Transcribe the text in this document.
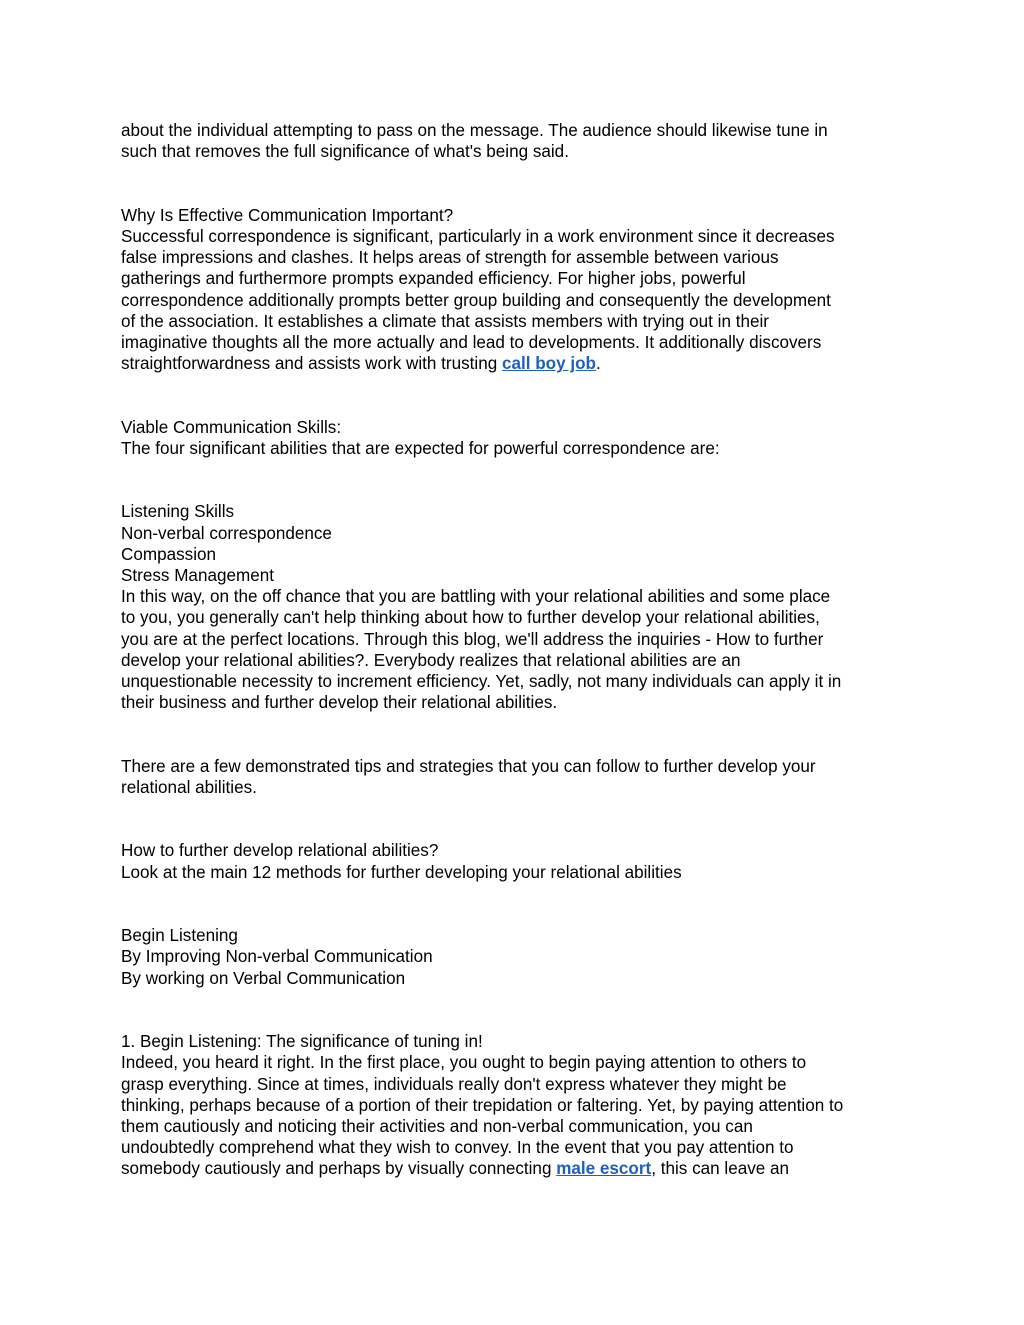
about the individual attempting to pass on the message. The audience should likewise tune in
such that removes the full significance of what's being said.
Why Is Effective Communication Important?
Successful correspondence is significant, particularly in a work environment since it decreases
false impressions and clashes. It helps areas of strength for assemble between various
gatherings and furthermore prompts expanded efficiency. For higher jobs, powerful
correspondence additionally prompts better group building and consequently the development
of the association. It establishes a climate that assists members with trying out in their
imaginative thoughts all the more actually and lead to developments. It additionally discovers
straightforwardness and assists work with trusting call boy job.
Viable Communication Skills:
The four significant abilities that are expected for powerful correspondence are:
Listening Skills
Non-verbal correspondence
Compassion
Stress Management
In this way, on the off chance that you are battling with your relational abilities and some place
to you, you generally can't help thinking about how to further develop your relational abilities,
you are at the perfect locations. Through this blog, we'll address the inquiries - How to further
develop your relational abilities?. Everybody realizes that relational abilities are an
unquestionable necessity to increment efficiency. Yet, sadly, not many individuals can apply it in
their business and further develop their relational abilities.
There are a few demonstrated tips and strategies that you can follow to further develop your
relational abilities.
How to further develop relational abilities?
Look at the main 12 methods for further developing your relational abilities
Begin Listening
By Improving Non-verbal Communication
By working on Verbal Communication
1. Begin Listening: The significance of tuning in!
Indeed, you heard it right. In the first place, you ought to begin paying attention to others to
grasp everything. Since at times, individuals really don't express whatever they might be
thinking, perhaps because of a portion of their trepidation or faltering. Yet, by paying attention to
them cautiously and noticing their activities and non-verbal communication, you can
undoubtedly comprehend what they wish to convey. In the event that you pay attention to
somebody cautiously and perhaps by visually connecting male escort, this can leave an
